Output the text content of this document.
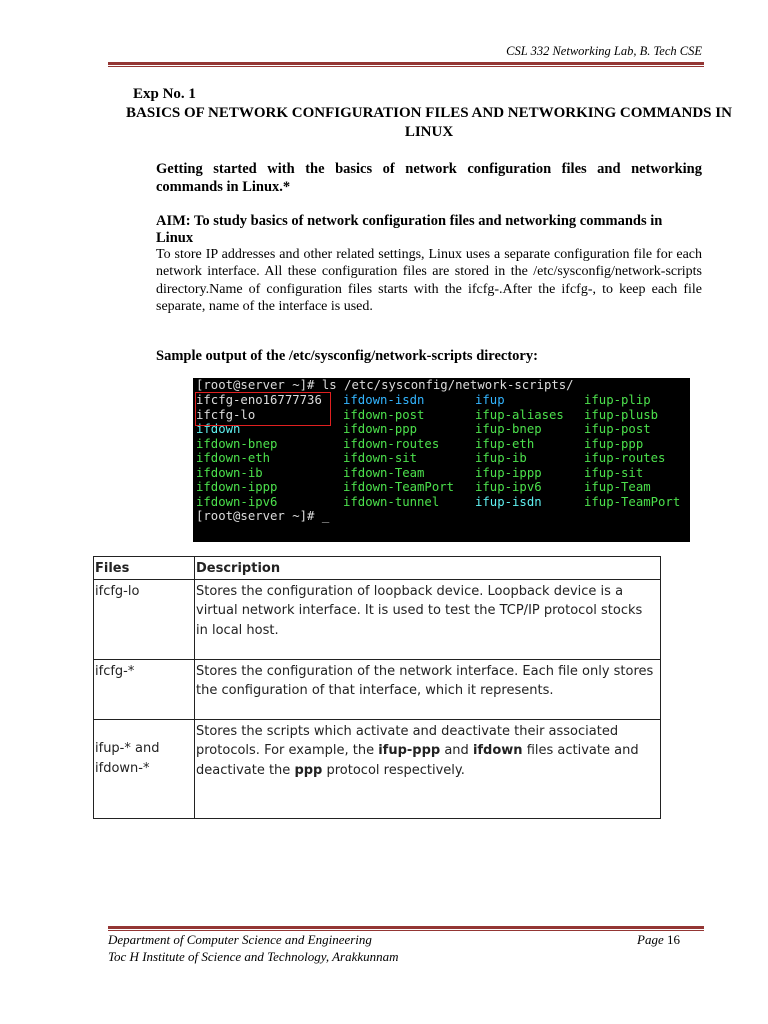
CSL 332 Networking Lab, B. Tech CSE
Exp No. 1
BASICS OF NETWORK CONFIGURATION FILES AND NETWORKING COMMANDS IN LINUX
Getting started with the basics of network configuration files and networking commands in Linux.*
AIM: To study basics of network configuration files and networking commands in Linux
To store IP addresses and other related settings, Linux uses a separate configuration file for each network interface. All these configuration files are stored in the /etc/sysconfig/network-scripts directory.Name of configuration files starts with the ifcfg-.After the ifcfg-, to keep each file separate, name of the interface is used.
Sample output of the /etc/sysconfig/network-scripts directory:
[root@server ~]# ls /etc/sysconfig/network-scripts/
ifcfg-eno16777736 ifdown-isdn	ifup	ifup-plip
ifcfg-lo	ifdown-post	ifup-aliases ifup-plusb
ifdown	ifdown-ppp	ifup-bnep	ifup-post
ifdown-bnep	ifdown-routes	ifup-eth	ifup-ppp
ifdown-eth	ifdown-sit	ifup-ib	ifup-routes
ifdown-ib	ifdown-Team	ifup-ippp	ifup-sit
ifdown-ippp	ifdown-TeamPort ifup-ipv6	ifup-Team
ifdown-ipv6	ifdown-tunnel	ifup-isdn	ifup-TeamPort
[root@server ~]# _
Files	Description
ifcfg-lo	Stores the configuration of loopback device. Loopback device is a virtual network interface. It is used to test the TCP/IP protocol stocks in local host.
ifcfg-*	Stores the configuration of the network interface. Each file only stores the configuration of that interface, which it represents.

ifup-* and
ifdown-*	Stores the scripts which activate and deactivate their associated protocols. For example, the ifup-ppp and ifdown files activate and deactivate the ppp protocol respectively.
Department of Computer Science and Engineering	Page 16
Toc H Institute of Science and Technology, Arakkunnam
